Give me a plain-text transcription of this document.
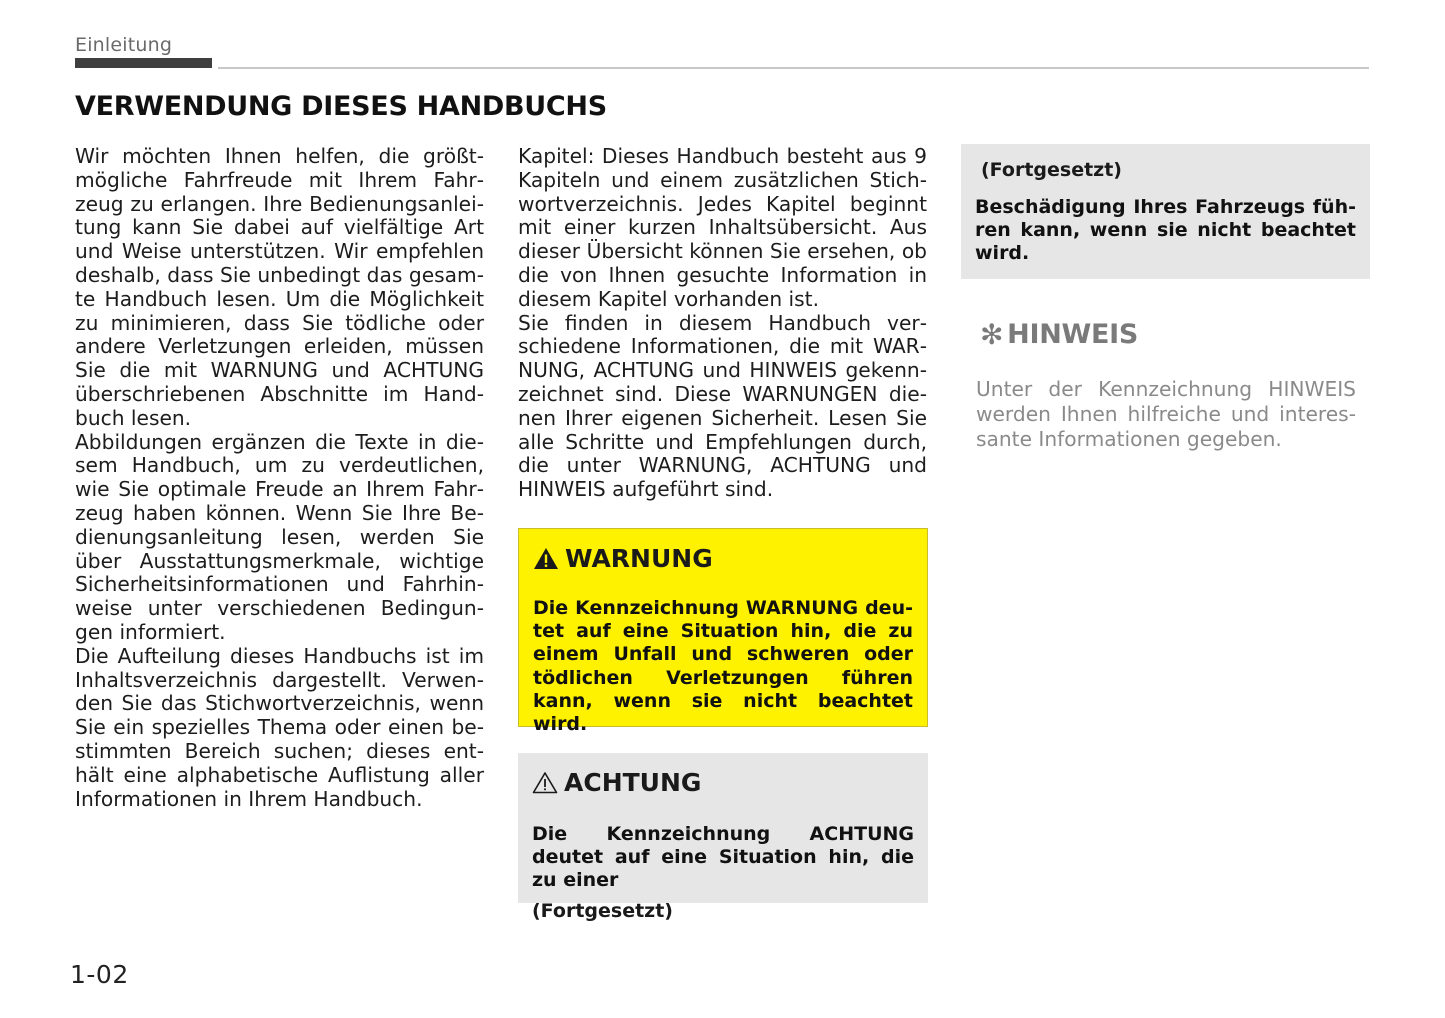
Einleitung
VERWENDUNG DIESES HANDBUCHS

Wir möchten Ihnen helfen, die größtmögliche Fahrfreude mit Ihrem Fahrzeug zu erlangen. Ihre Bedienungsanleitung kann Sie dabei auf vielfältige Art und Weise unterstützen. Wir empfehlen deshalb, dass Sie unbedingt das gesamte Handbuch lesen. Um die Möglichkeit zu minimieren, dass Sie tödliche oder andere Verletzungen erleiden, müssen Sie die mit WARNUNG und ACHTUNG überschriebenen Abschnitte im Handbuch lesen.

Abbildungen ergänzen die Texte in diesem Handbuch, um zu verdeutlichen, wie Sie optimale Freude an Ihrem Fahrzeug haben können. Wenn Sie Ihre Bedienungsanleitung lesen, werden Sie über Ausstattungsmerkmale, wichtige Sicherheitsinformationen und Fahrhinweise unter verschiedenen Bedingungen informiert.

Die Aufteilung dieses Handbuchs ist im Inhaltsverzeichnis dargestellt. Verwenden Sie das Stichwortverzeichnis, wenn Sie ein spezielles Thema oder einen bestimmten Bereich suchen; dieses enthält eine alphabetische Auflistung aller Informationen in Ihrem Handbuch.

Kapitel: Dieses Handbuch besteht aus 9 Kapiteln und einem zusätzlichen Stichwortverzeichnis. Jedes Kapitel beginnt mit einer kurzen Inhaltsübersicht. Aus dieser Übersicht können Sie ersehen, ob die von Ihnen gesuchte Information in diesem Kapitel vorhanden ist.

Sie finden in diesem Handbuch verschiedene Informationen, die mit WARNUNG, ACHTUNG und HINWEIS gekennzeichnet sind. Diese WARNUNGEN dienen Ihrer eigenen Sicherheit. Lesen Sie alle Schritte und Empfehlungen durch, die unter WARNUNG, ACHTUNG und HINWEIS aufgeführt sind.

WARNUNG

Die Kennzeichnung WARNUNG deutet auf eine Situation hin, die zu einem Unfall und schweren oder tödlichen Verletzungen führen kann, wenn sie nicht beachtet wird.

ACHTUNG

Die Kennzeichnung ACHTUNG deutet auf eine Situation hin, die zu einer

(Fortgesetzt)

(Fortgesetzt)

Beschädigung Ihres Fahrzeugs führen kann, wenn sie nicht beachtet wird.

✻ HINWEIS

Unter der Kennzeichnung HINWEIS werden Ihnen hilfreiche und interessante Informationen gegeben.

1-02
